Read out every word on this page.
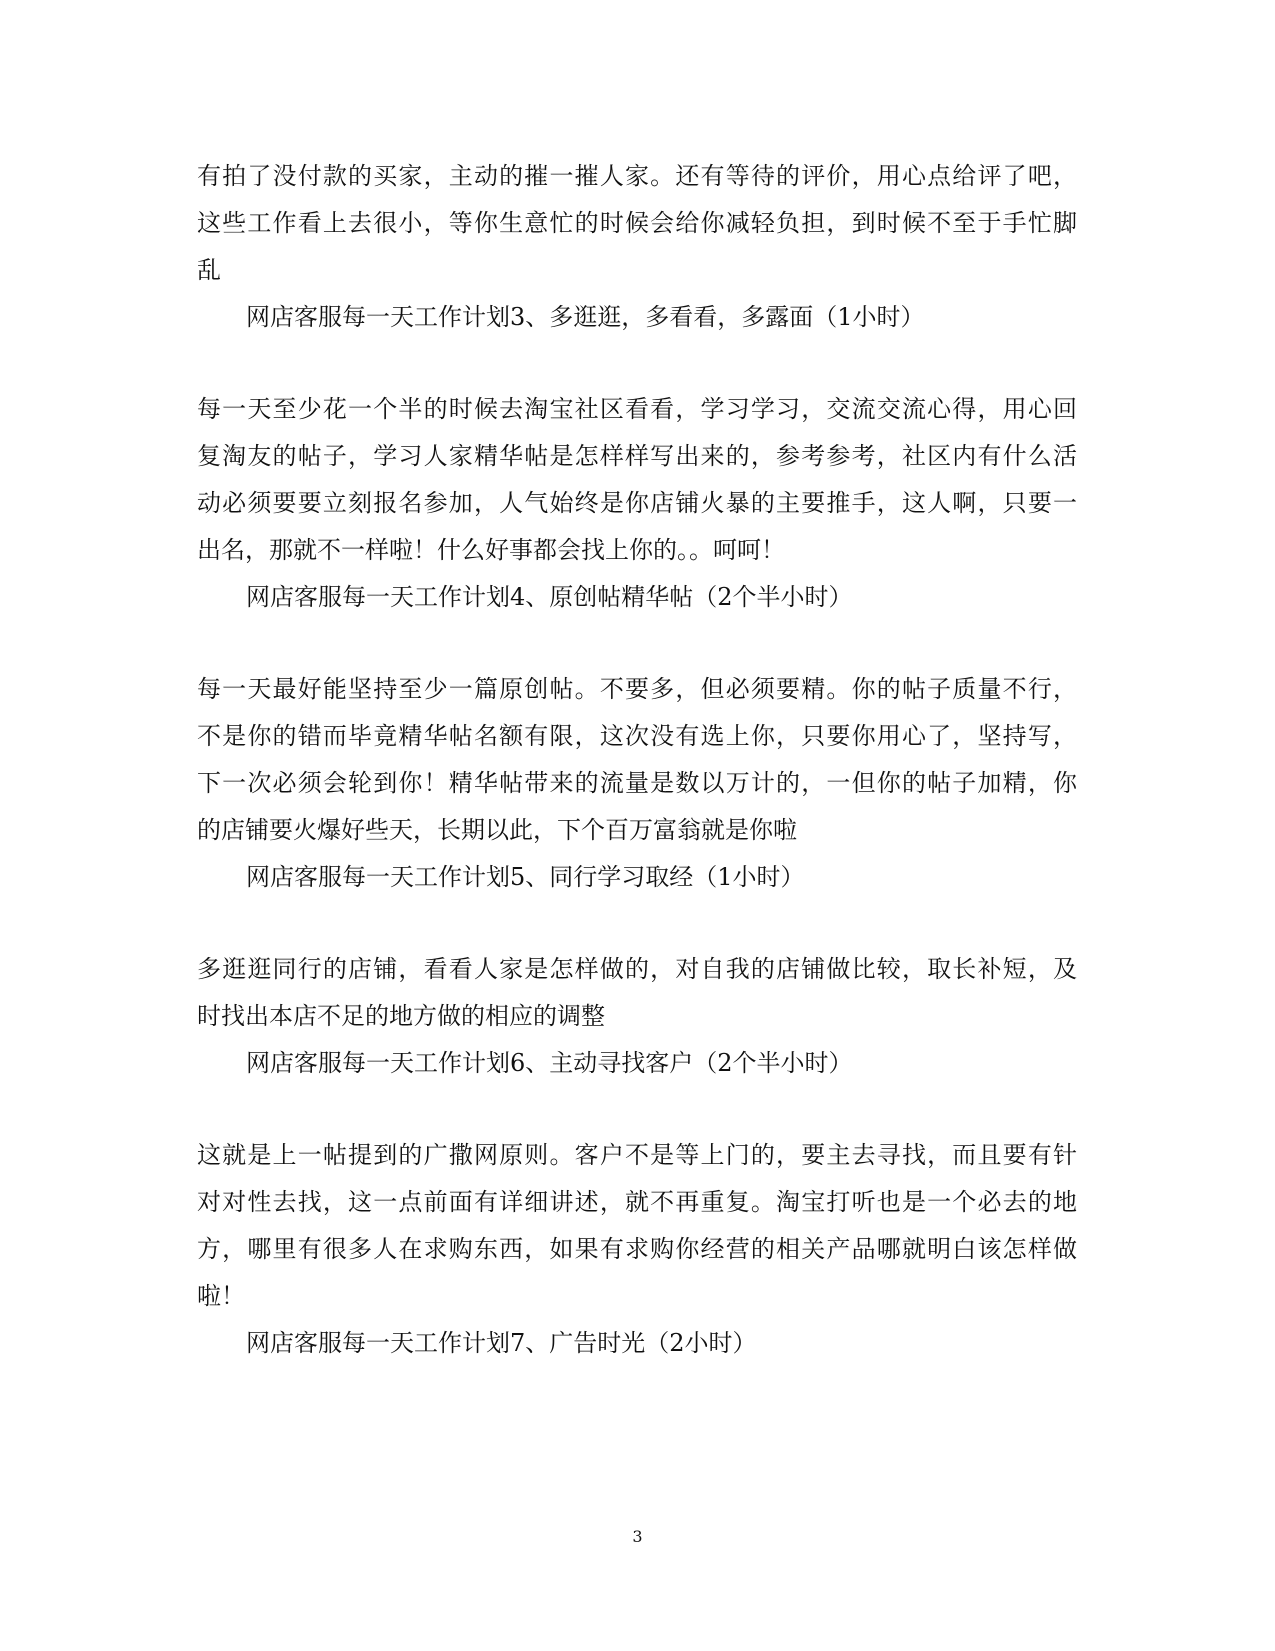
有拍了没付款的买家，主动的摧一摧人家。还有等待的评价，用心点给评了吧，
这些工作看上去很小，等你生意忙的时候会给你减轻负担，到时候不至于手忙脚
乱
网店客服每一天工作计划3、多逛逛，多看看，多露面（1小时）
每一天至少花一个半的时候去淘宝社区看看，学习学习，交流交流心得，用心回
复淘友的帖子，学习人家精华帖是怎样样写出来的，参考参考，社区内有什么活
动必须要要立刻报名参加，人气始终是你店铺火暴的主要推手，这人啊，只要一
出名，那就不一样啦！什么好事都会找上你的。。呵呵！
网店客服每一天工作计划4、原创帖精华帖（2个半小时）
每一天最好能坚持至少一篇原创帖。不要多，但必须要精。你的帖子质量不行，
不是你的错而毕竟精华帖名额有限，这次没有选上你，只要你用心了，坚持写，
下一次必须会轮到你！精华帖带来的流量是数以万计的，一但你的帖子加精，你
的店铺要火爆好些天，长期以此，下个百万富翁就是你啦
网店客服每一天工作计划5、同行学习取经（1小时）
多逛逛同行的店铺，看看人家是怎样做的，对自我的店铺做比较，取长补短，及
时找出本店不足的地方做的相应的调整
网店客服每一天工作计划6、主动寻找客户（2个半小时）
这就是上一帖提到的广撒网原则。客户不是等上门的，要主去寻找，而且要有针
对对性去找，这一点前面有详细讲述，就不再重复。淘宝打听也是一个必去的地
方，哪里有很多人在求购东西，如果有求购你经营的相关产品哪就明白该怎样做
啦！
网店客服每一天工作计划7、广告时光（2小时）
3
